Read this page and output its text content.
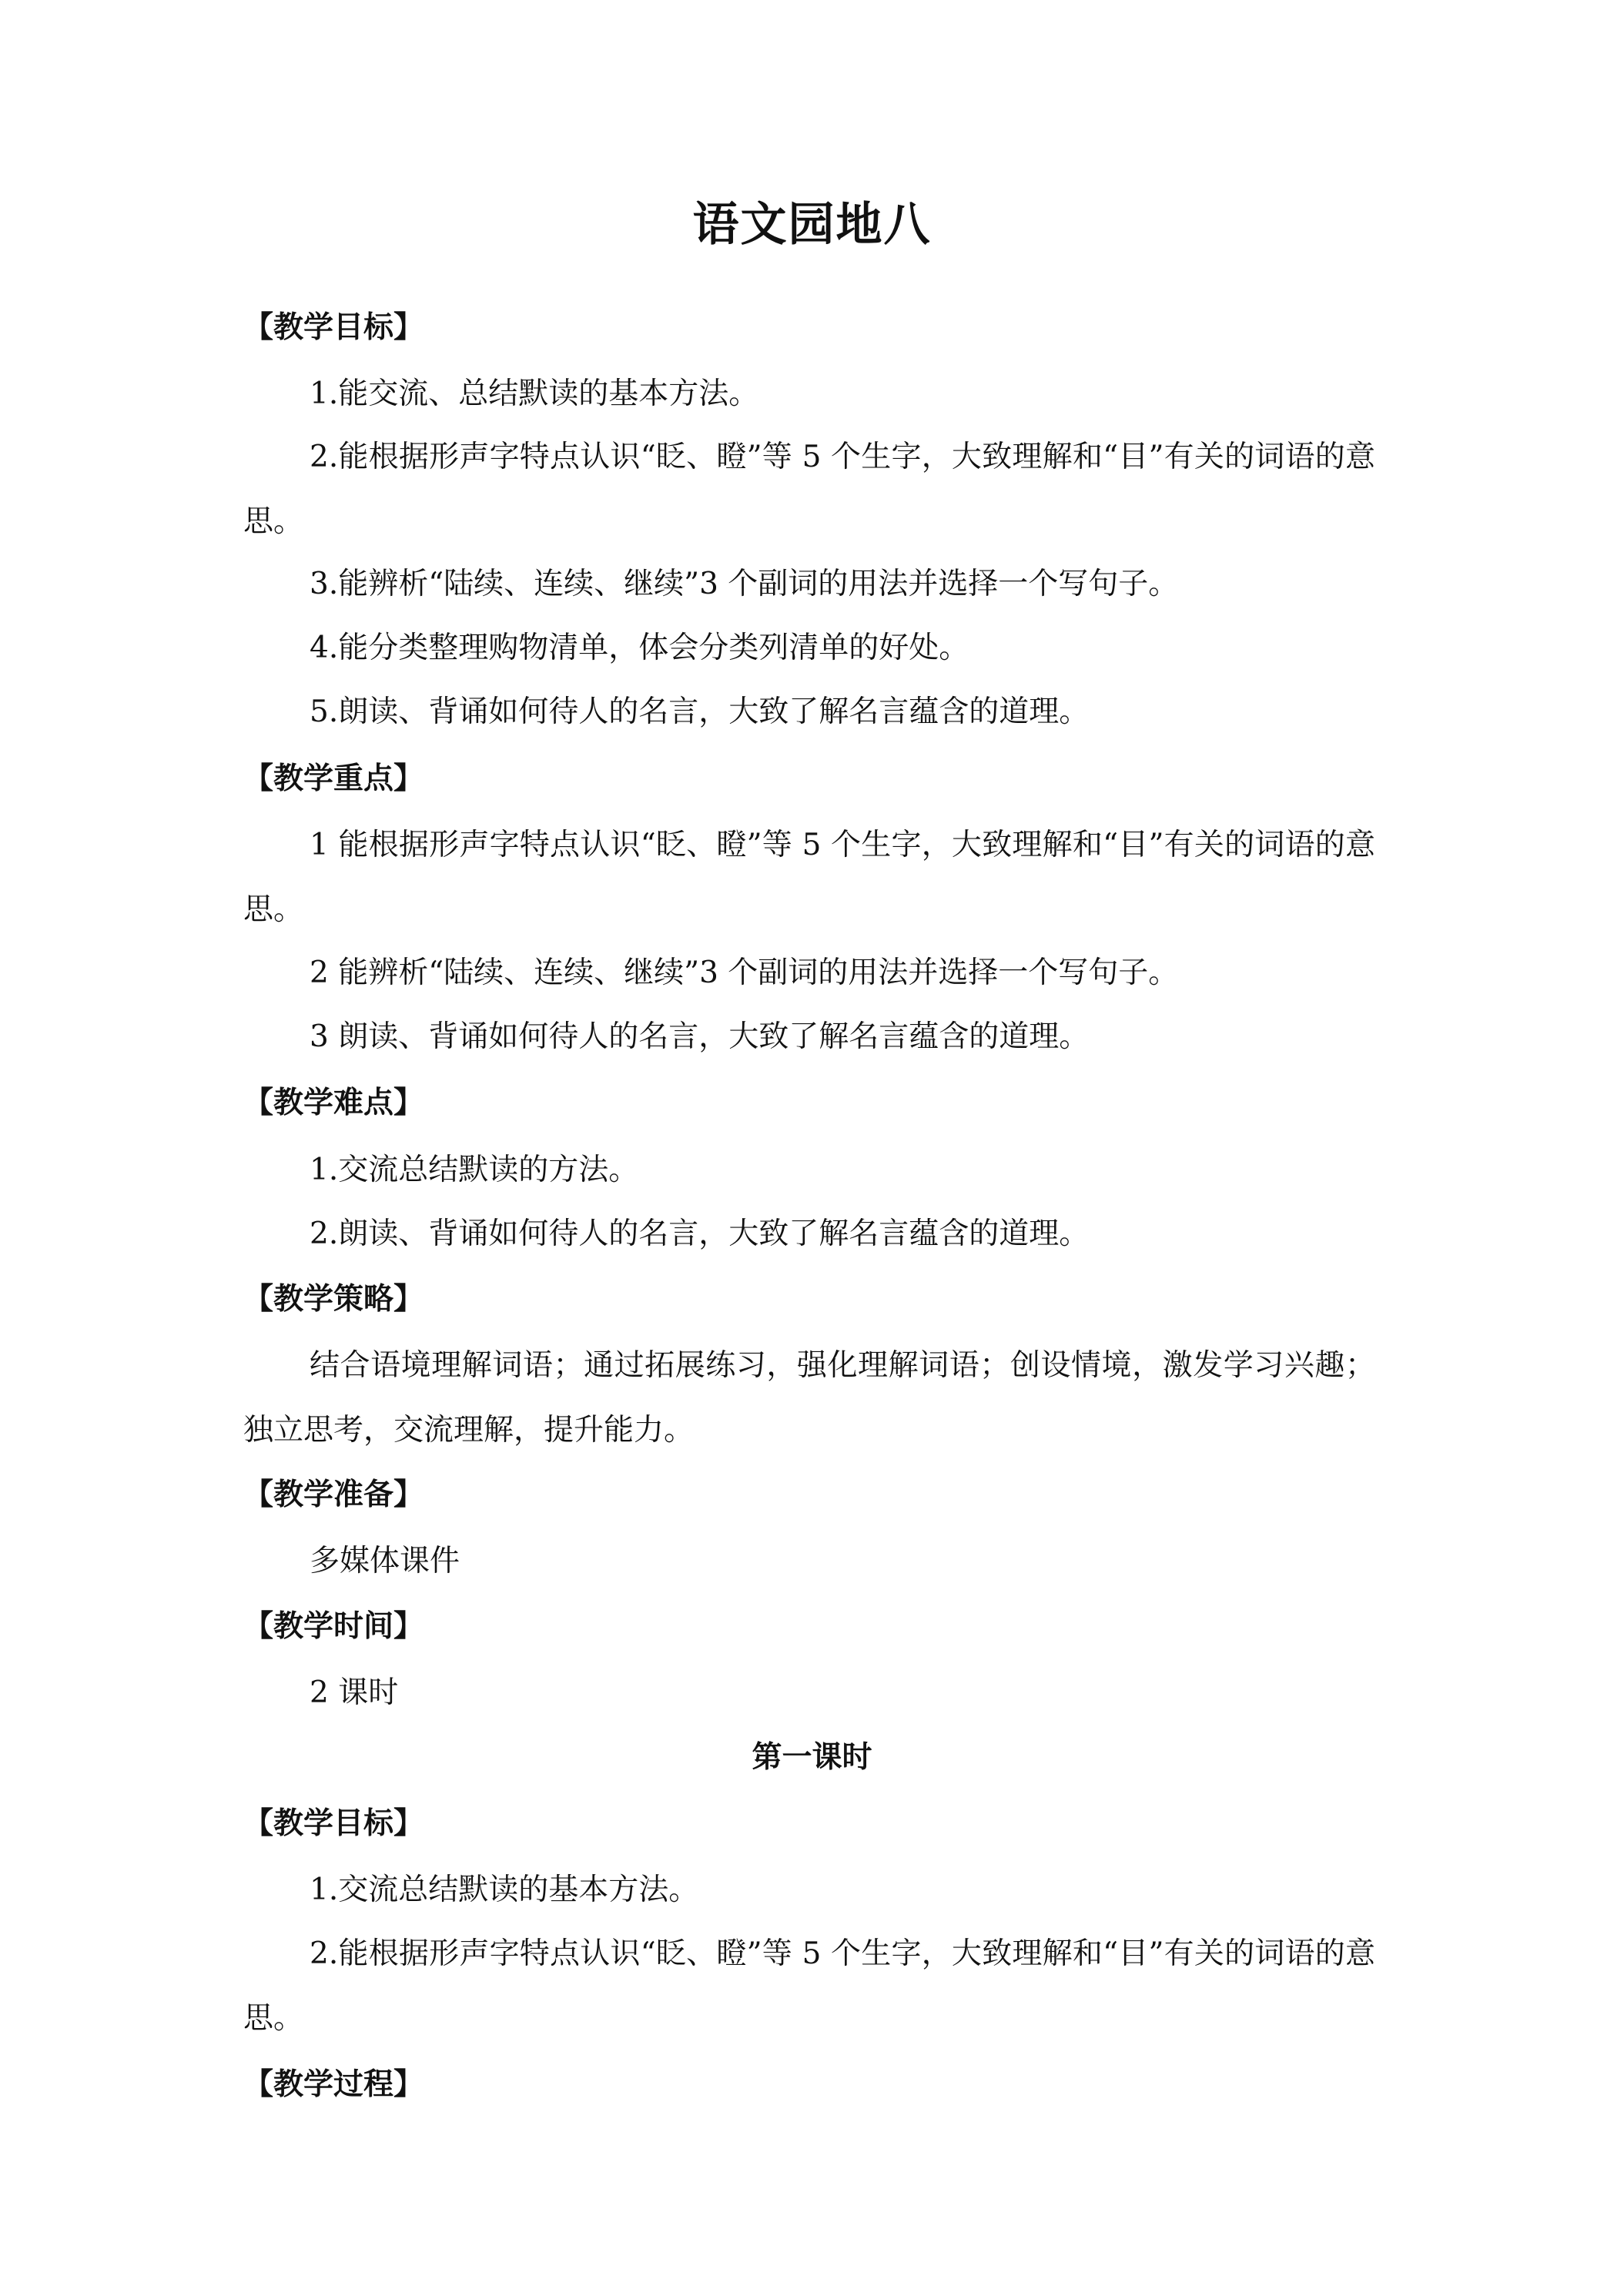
语文园地八
【教学目标】

1.能交流、总结默读的基本方法。

2.能根据形声字特点认识“眨、瞪”等 5 个生字，大致理解和“目”有关的词语的意思。

3.能辨析“陆续、连续、继续”3 个副词的用法并选择一个写句子。

4.能分类整理购物清单，体会分类列清单的好处。

5.朗读、背诵如何待人的名言，大致了解名言蕴含的道理。

【教学重点】

1 能根据形声字特点认识“眨、瞪”等 5 个生字，大致理解和“目”有关的词语的意思。

2 能辨析“陆续、连续、继续”3 个副词的用法并选择一个写句子。

3 朗读、背诵如何待人的名言，大致了解名言蕴含的道理。

【教学难点】

1.交流总结默读的方法。

2.朗读、背诵如何待人的名言，大致了解名言蕴含的道理。

【教学策略】

结合语境理解词语；通过拓展练习，强化理解词语；创设情境，激发学习兴趣；独立思考，交流理解，提升能力。

【教学准备】

多媒体课件

【教学时间】

2 课时

第一课时
【教学目标】

1.交流总结默读的基本方法。

2.能根据形声字特点认识“眨、瞪”等 5 个生字，大致理解和“目”有关的词语的意思。

【教学过程】
